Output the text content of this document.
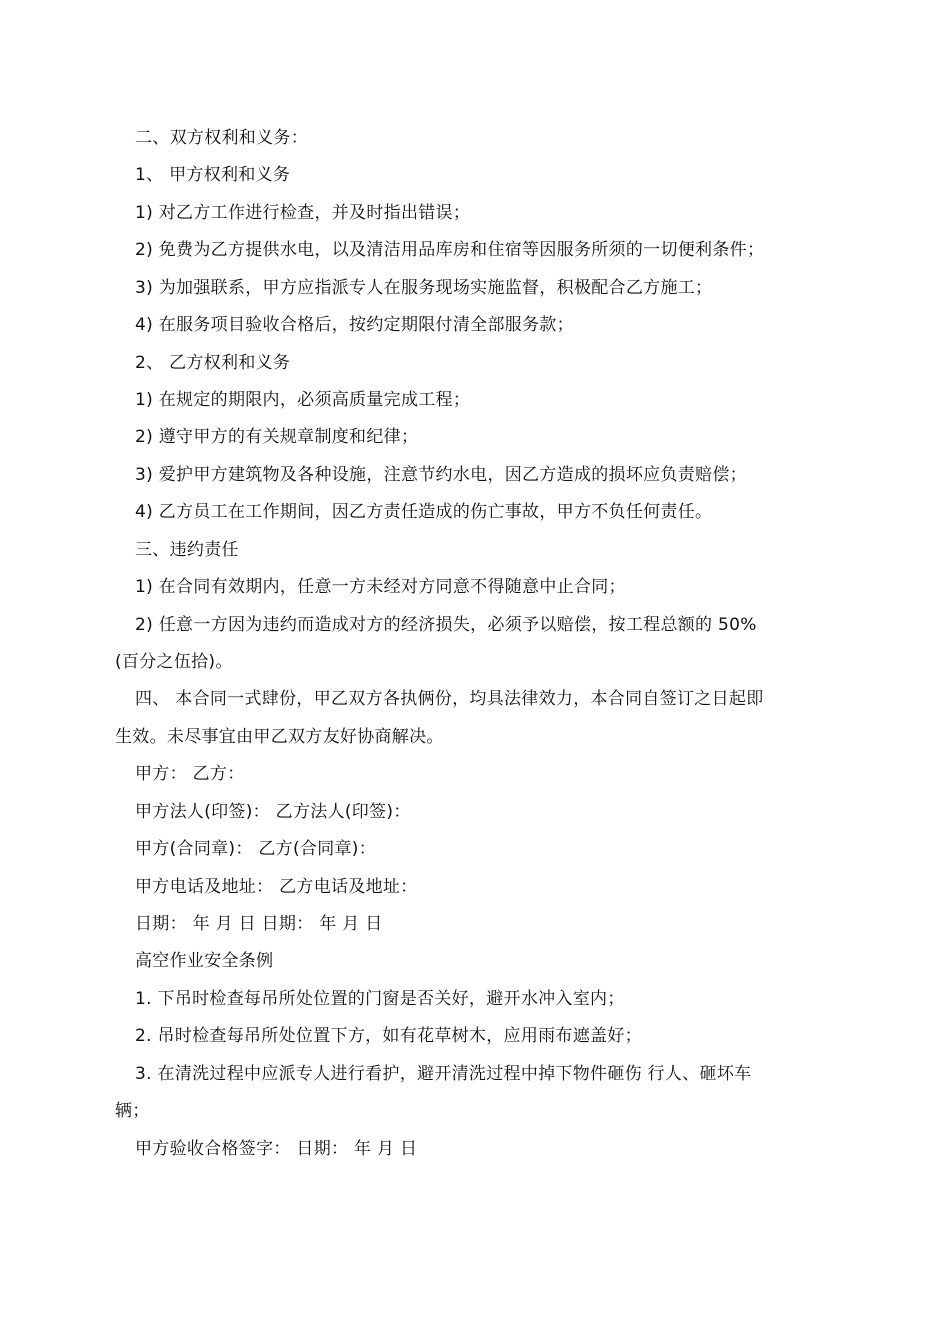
二、双方权利和义务：
1、 甲方权利和义务
1) 对乙方工作进行检查，并及时指出错误；
2) 免费为乙方提供水电，以及清洁用品库房和住宿等因服务所须的一切便利条件；
3) 为加强联系，甲方应指派专人在服务现场实施监督，积极配合乙方施工；
4) 在服务项目验收合格后，按约定期限付清全部服务款；
2、 乙方权利和义务
1) 在规定的期限内，必须高质量完成工程；
2) 遵守甲方的有关规章制度和纪律；
3) 爱护甲方建筑物及各种设施，注意节约水电，因乙方造成的损坏应负责赔偿；
4) 乙方员工在工作期间，因乙方责任造成的伤亡事故，甲方不负任何责任。
三、违约责任
1) 在合同有效期内，任意一方未经对方同意不得随意中止合同；
2) 任意一方因为违约而造成对方的经济损失，必须予以赔偿，按工程总额的 50%
(百分之伍拾)。
四、 本合同一式肆份，甲乙双方各执俩份，均具法律效力，本合同自签订之日起即
生效。未尽事宜由甲乙双方友好协商解决。
甲方： 乙方：
甲方法人(印签)： 乙方法人(印签)：
甲方(合同章)： 乙方(合同章)：
甲方电话及地址： 乙方电话及地址：
日期： 年 月 日 日期： 年 月 日
高空作业安全条例
1. 下吊时检查每吊所处位置的门窗是否关好，避开水冲入室内；
2. 吊时检查每吊所处位置下方，如有花草树木，应用雨布遮盖好；
3. 在清洗过程中应派专人进行看护，避开清洗过程中掉下物件砸伤 行人、砸坏车
辆；
甲方验收合格签字： 日期： 年 月 日
